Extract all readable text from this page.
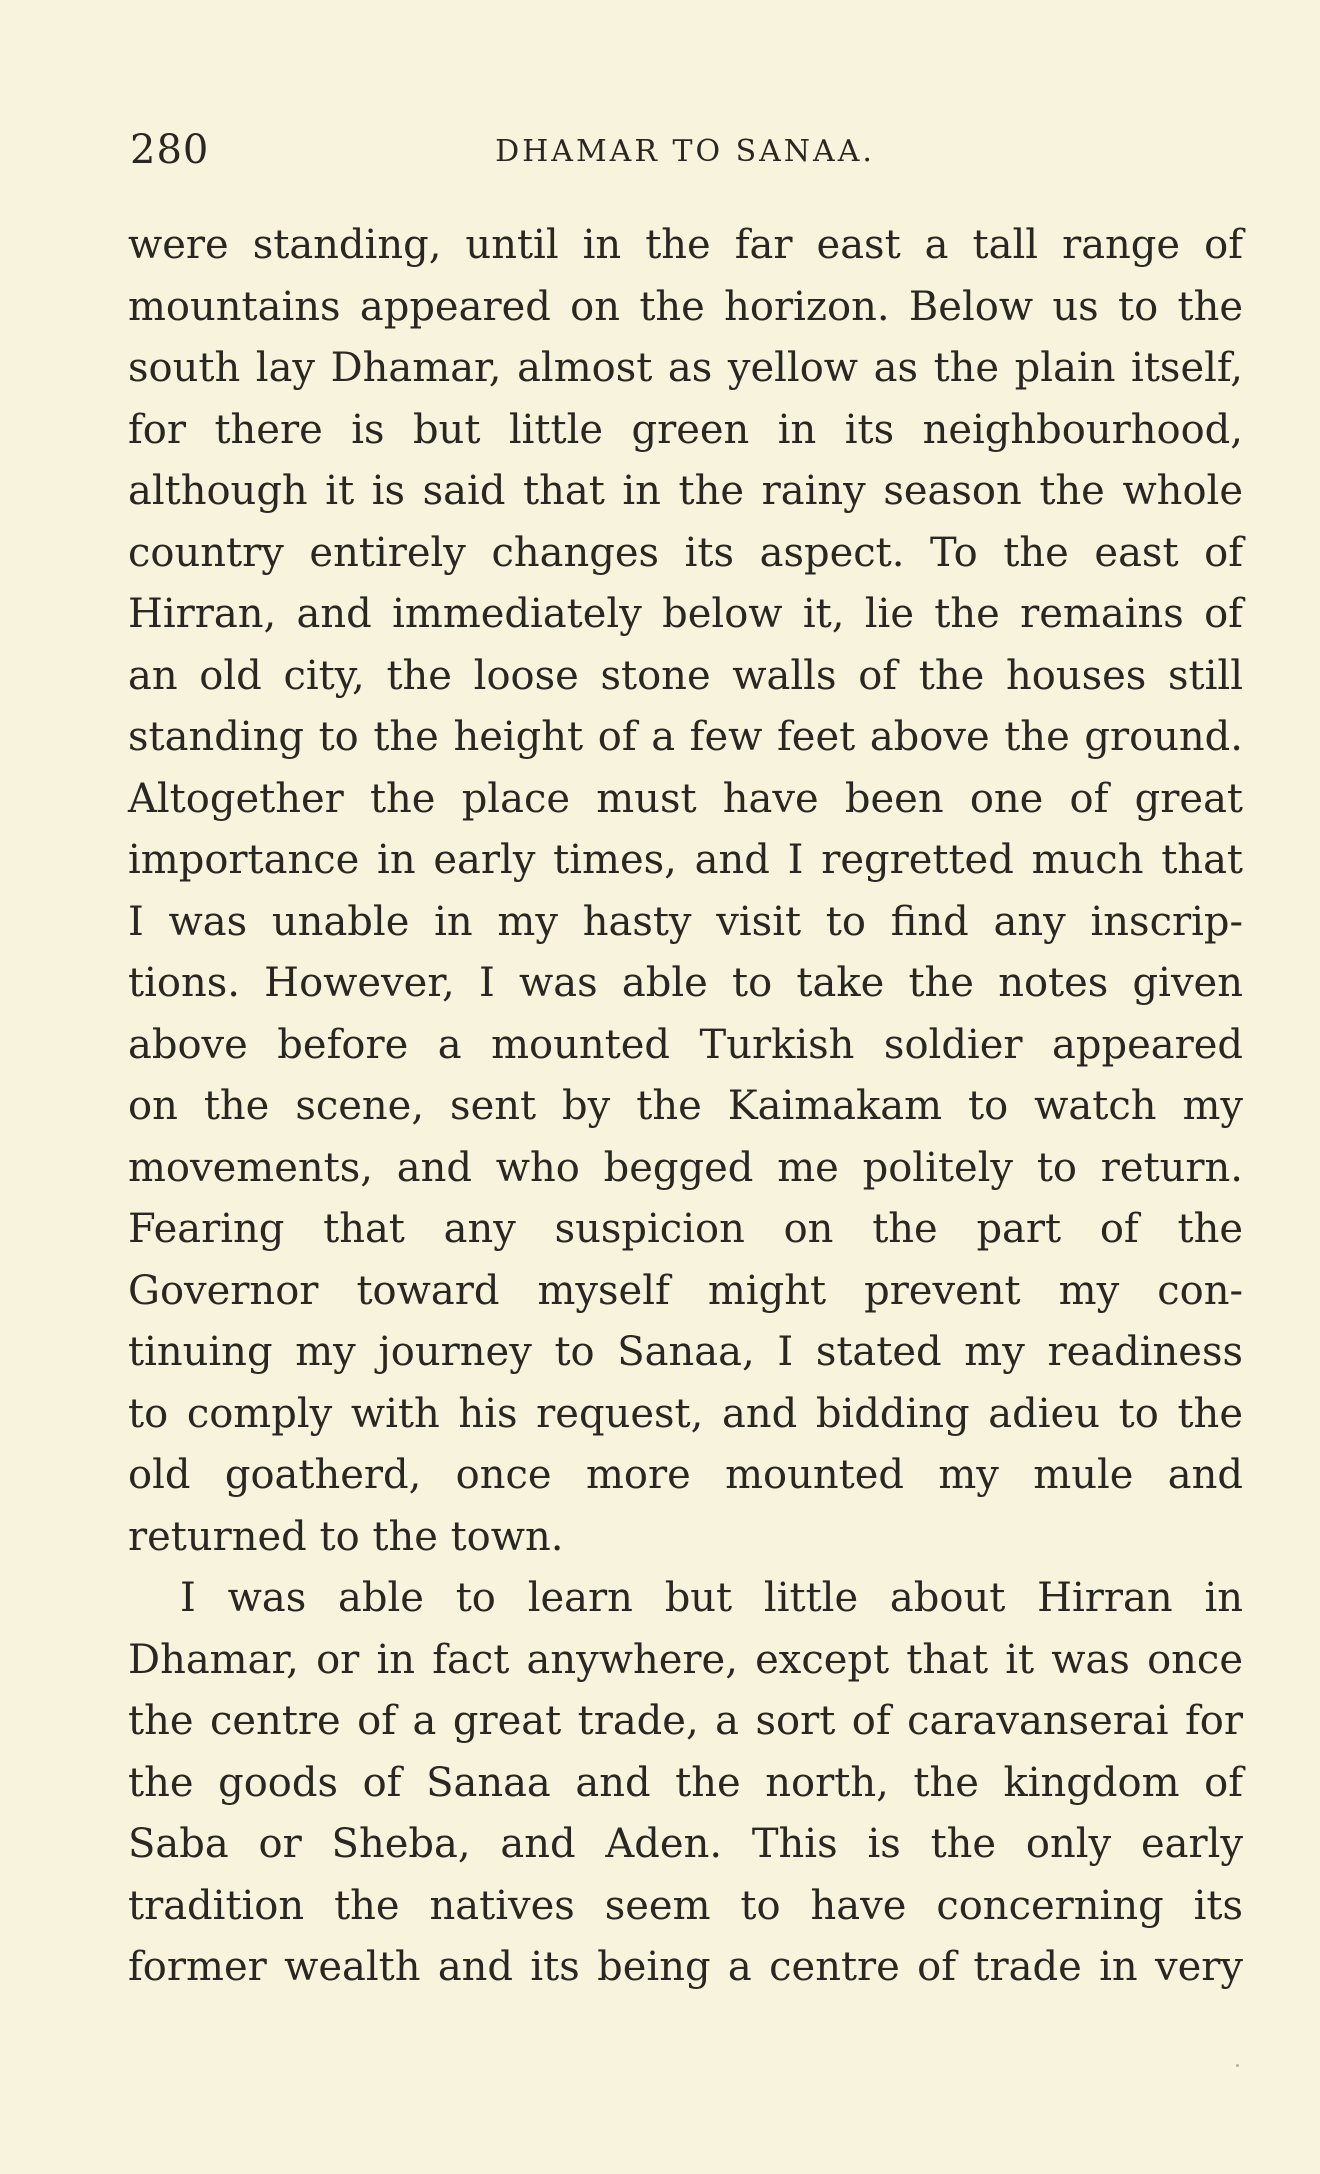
280	DHAMAR TO SANAA.
were standing, until in the far east a tall range of
mountains appeared on the horizon. Below us to the
south lay Dhamar, almost as yellow as the plain itself,
for there is but little green in its neighbourhood,
although it is said that in the rainy season the whole
country entirely changes its aspect. To the east of
Hirran, and immediately below it, lie the remains of
an old city, the loose stone walls of the houses still
standing to the height of a few feet above the ground.
Altogether the place must have been one of great
importance in early times, and I regretted much that
I was unable in my hasty visit to find any inscrip-
tions. However, I was able to take the notes given
above before a mounted Turkish soldier appeared
on the scene, sent by the Kaimakam to watch my
movements, and who begged me politely to return.
Fearing that any suspicion on the part of the
Governor toward myself might prevent my con-
tinuing my journey to Sanaa, I stated my readiness
to comply with his request, and bidding adieu to the
old goatherd, once more mounted my mule and
returned to the town.
I was able to learn but little about Hirran in
Dhamar, or in fact anywhere, except that it was once
the centre of a great trade, a sort of caravanserai for
the goods of Sanaa and the north, the kingdom of
Saba or Sheba, and Aden. This is the only early
tradition the natives seem to have concerning its
former wealth and its being a centre of trade in very
